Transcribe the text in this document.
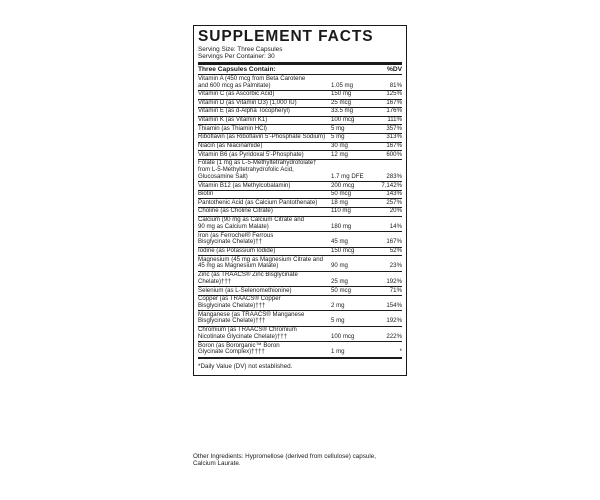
SUPPLEMENT FACTS
Serving Size: Three Capsules
Servings Per Container: 30
Three Capsules Contain:	%DV
Vitamin A (450 mcg from Beta Carotene
and 600 mcg as Palmitate)	1.05 mg	81%
Vitamin C (as Ascorbic Acid)	150 mg	125%
Vitamin D (as Vitamin D3) (1,000 IU)	25 mcg	167%
Vitamin E (as d-Alpha Tocopheryl)	33.5 mg	176%
Vitamin K (as Vitamin K1)	100 mcg	111%
Thiamin (as Thiamin HCl)	5 mg	357%
Riboflavin (as Riboflavin 5'-Phosphate Sodium) 5 mg	313%
Niacin (as Niacinamide)	30 mg	167%
Vitamin B6 (as Pyridoxal 5'-Phosphate)	12 mg	600%
Folate (1 mg as L-5-Methyltetrahydrofolate†
from L-5-Methyltetrahydrofolic Acid,
Glucosamine Salt)	1.7 mg DFE	283%
Vitamin B12 (as Methylcobalamin)	200 mcg	7,142%
Biotin	50 mcg	143%
Pantothenic Acid (as Calcium Pantothenate)	18 mg	257%
Choline (as Choline Citrate)	110 mg	20%
Calcium (90 mg as Calcium Citrate and
90 mg as Calcium Malate)	180 mg	14%
Iron (as Ferrochel® Ferrous
Bisglycinate Chelate)††	45 mg	167%
Iodine (as Potassium Iodide)	150 mcg	52%
Magnesium (45 mg as Magnesium Citrate and
45 mg as Magnesium Malate)	90 mg	23%
Zinc (as TRAACS® Zinc Bisglycinate Chelate)†††	25 mg	192%
Selenium (as L-Selenomethionine)	50 mcg	71%
Copper (as TRAACS® Copper
Bisglycinate Chelate)†††	2 mg	154%
Manganese (as TRAACS® Manganese
Bisglycinate Chelate)†††	5 mg	192%
Chromium (as TRAACS® Chromium
Nicotinate Glycinate Chelate)†††	100 mcg	222%
Boron (as Bororganic™ Boron
Glycinate Complex)††††	1 mg	*
*Daily Value (DV) not established.
Other Ingredients: Hypromellose (derived from cellulose) capsule,
Calcium Laurate.
